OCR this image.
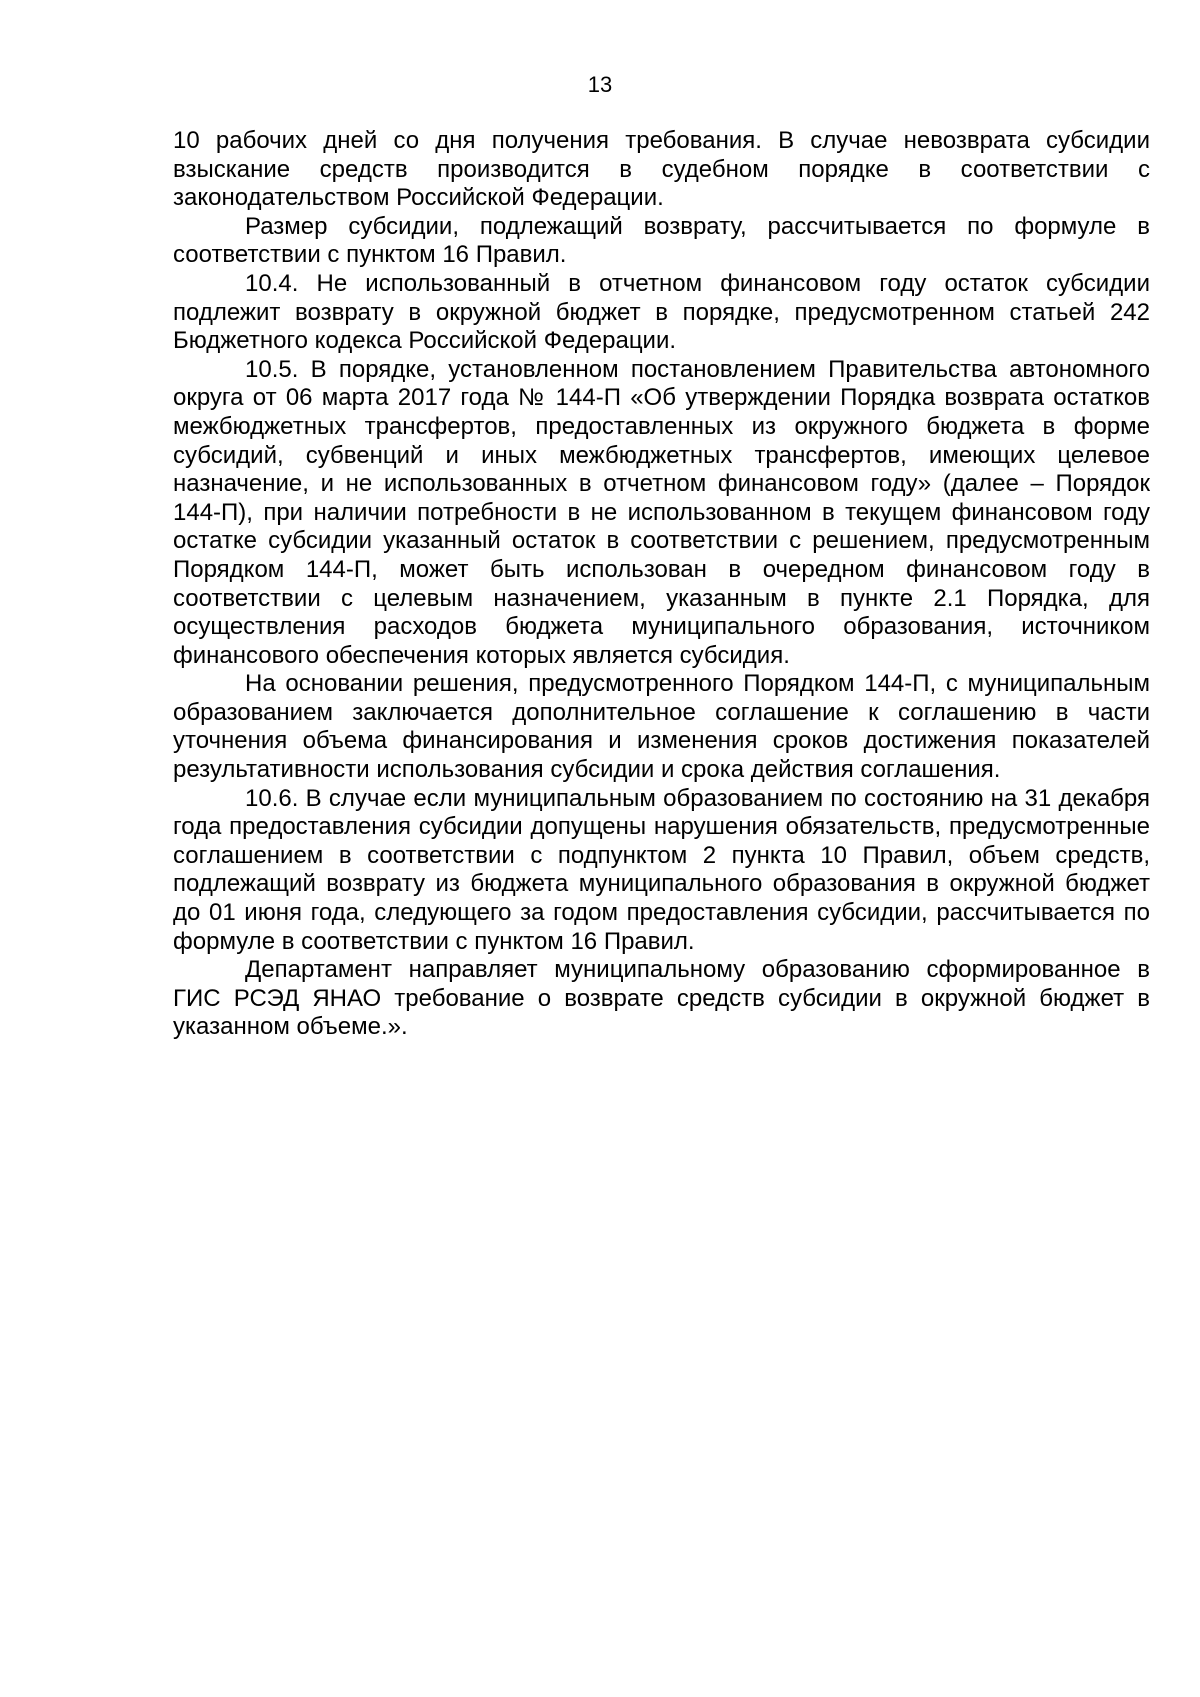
13

10 рабочих дней со дня получения требования. В случае невозврата субсидии взыскание средств производится в судебном порядке в соответствии с законодательством Российской Федерации.

Размер субсидии, подлежащий возврату, рассчитывается по формуле в соответствии с пунктом 16 Правил.

10.4. Не использованный в отчетном финансовом году остаток субсидии подлежит возврату в окружной бюджет в порядке, предусмотренном статьей 242 Бюджетного кодекса Российской Федерации.

10.5. В порядке, установленном постановлением Правительства автономного округа от 06 марта 2017 года № 144-П «Об утверждении Порядка возврата остатков межбюджетных трансфертов, предоставленных из окружного бюджета в форме субсидий, субвенций и иных межбюджетных трансфертов, имеющих целевое назначение, и не использованных в отчетном финансовом году» (далее – Порядок 144-П), при наличии потребности в не использованном в текущем финансовом году остатке субсидии указанный остаток в соответствии с решением, предусмотренным Порядком 144-П, может быть использован в очередном финансовом году в соответствии с целевым назначением, указанным в пункте 2.1 Порядка, для осуществления расходов бюджета муниципального образования, источником финансового обеспечения которых является субсидия.

На основании решения, предусмотренного Порядком 144-П, с муниципальным образованием заключается дополнительное соглашение к соглашению в части уточнения объема финансирования и изменения сроков достижения показателей результативности использования субсидии и срока действия соглашения.

10.6. В случае если муниципальным образованием по состоянию на 31 декабря года предоставления субсидии допущены нарушения обязательств, предусмотренные соглашением в соответствии с подпунктом 2 пункта 10 Правил, объем средств, подлежащий возврату из бюджета муниципального образования в окружной бюджет до 01 июня года, следующего за годом предоставления субсидии, рассчитывается по формуле в соответствии с пунктом 16 Правил.

Департамент направляет муниципальному образованию сформированное в ГИС РСЭД ЯНАО требование о возврате средств субсидии в окружной бюджет в указанном объеме.».
